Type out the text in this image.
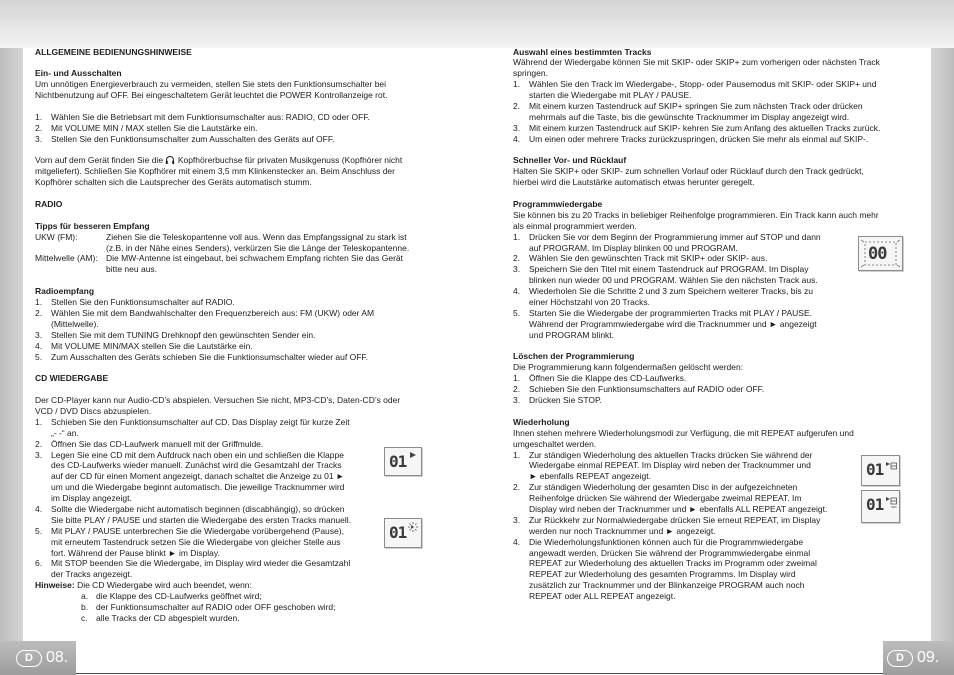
ALLGEMEINE BEDIENUNGSHINWEISE
Ein- und Ausschalten
Um unnötigen Energieverbrauch zu vermeiden, stellen Sie stets den Funktionsumschalter bei
Nichtbenutzung auf OFF. Bei eingeschaltetem Gerät leuchtet die POWER Kontrollanzeige rot.
1.	Wählen Sie die Betriebsart mit dem Funktionsumschalter aus: RADIO, CD oder OFF.
2.	Mit VOLUME MIN / MAX stellen Sie die Lautstärke ein.
3.	Stellen Sie den Funktionsumschalter zum Ausschalten des Geräts auf OFF.
Vorn auf dem Gerät finden Sie die Kopfhörerbuchse für privaten Musikgenuss (Kopfhörer nicht
mitgeliefert). Schließen Sie Kopfhörer mit einem 3,5 mm Klinkenstecker an. Beim Anschluss der
Kopfhörer schalten sich die Lautsprecher des Geräts automatisch stumm.
RADIO
Tipps für besseren Empfang
UKW (FM):	Ziehen Sie die Teleskopantenne voll aus. Wenn das Empfangssignal zu stark ist
(z.B. in der Nähe eines Senders), verkürzen Sie die Länge der Teleskopantenne.
Mittelwelle (AM): Die MW-Antenne ist eingebaut, bei schwachem Empfang richten Sie das Gerät
bitte neu aus.
Radioempfang
1.	Stellen Sie den Funktionsumschalter auf RADIO.
2.	Wählen Sie mit dem Bandwahlschalter den Frequenzbereich aus: FM (UKW) oder AM
(Mittelwelle).
3.	Stellen Sie mit dem TUNING Drehknopf den gewünschten Sender ein.
4.	Mit VOLUME MIN/MAX stellen Sie die Lautstärke ein.
5.	Zum Ausschalten des Geräts schieben Sie die Funktionsumschalter wieder auf OFF.
CD WIEDERGABE
Der CD-Player kann nur Audio-CD’s abspielen. Versuchen Sie nicht, MP3-CD’s, Daten-CD’s oder
VCD / DVD Discs abzuspielen.
1.	Schieben Sie den Funktionsumschalter auf CD. Das Display zeigt für kurze Zeit
„- -“ an.
2.	Öffnen Sie das CD-Laufwerk manuell mit der Griffmulde.
3.	Legen Sie eine CD mit dem Aufdruck nach oben ein und schließen die Klappe
des CD-Laufwerks wieder manuell. Zunächst wird die Gesamtzahl der Tracks
auf der CD für einen Moment angezeigt, danach schaltet die Anzeige zu 01 ►
um und die Wiedergabe beginnt automatisch. Die jeweilige Tracknummer wird
im Display angezeigt.
4.	Sollte die Wiedergabe nicht automatisch beginnen (discabhängig), so drücken
Sie bitte PLAY / PAUSE und starten die Wiedergabe des ersten Tracks manuell.
5.	Mit PLAY / PAUSE unterbrechen Sie die Wiedergabe vorübergehend (Pause),
mit erneutem Tastendruck setzen Sie die Wiedergabe von gleicher Stelle aus
fort. Während der Pause blinkt ► im Display.
6.	Mit STOP beenden Sie die Wiedergabe, im Display wird wieder die Gesamtzahl
der Tracks angezeigt.
Hinweise: Die CD Wiedergabe wird auch beendet, wenn:
a. die Klappe des CD-Laufwerks geöffnet wird;
b. der Funktionsumschalter auf RADIO oder OFF geschoben wird;
c. alle Tracks der CD abgespielt wurden.
01
01
Auswahl eines bestimmten Tracks
Während der Wiedergabe können Sie mit SKIP- oder SKIP+ zum vorherigen oder nächsten Track
springen.
1.	Wählen Sie den Track im Wiedergabe-, Stopp- oder Pausemodus mit SKIP- oder SKIP+ und
starten die Wiedergabe mit PLAY / PAUSE.
2.	Mit einem kurzen Tastendruck auf SKIP+ springen Sie zum nächsten Track oder drücken
mehrmals auf die Taste, bis die gewünschte Tracknummer im Display angezeigt wird.
3.	Mit einem kurzen Tastendruck auf SKIP- kehren Sie zum Anfang des aktuellen Tracks zurück.
4.	Um einen oder mehrere Tracks zurückzuspringen, drücken Sie mehr als einmal auf SKIP-.
Schneller Vor- und Rücklauf
Halten Sie SKIP+ oder SKIP- zum schnellen Vorlauf oder Rücklauf durch den Track gedrückt,
hierbei wird die Lautstärke automatisch etwas herunter geregelt.
Programmwiedergabe
Sie können bis zu 20 Tracks in beliebiger Reihenfolge programmieren. Ein Track kann auch mehr
als einmal programmiert werden.
1.	Drücken Sie vor dem Beginn der Programmierung immer auf STOP und dann
auf PROGRAM. Im Display blinken 00 und PROGRAM.
2.	Wählen Sie den gewünschten Track mit SKIP+ oder SKIP- aus.
3.	Speichern Sie den Titel mit einem Tastendruck auf PROGRAM. Im Display
blinken nun wieder 00 und PROGRAM. Wählen Sie den nächsten Track aus.
4.	Wiederholen Sie die Schritte 2 und 3 zum Speichern weiterer Tracks, bis zu
einer Höchstzahl von 20 Tracks.
5.	Starten Sie die Wiedergabe der programmierten Tracks mit PLAY / PAUSE.
Während der Programmwiedergabe wird die Tracknummer und ► angezeigt
und PROGRAM blinkt.
Löschen der Programmierung
Die Programmierung kann folgendermaßen gelöscht werden:
1.	Öffnen Sie die Klappe des CD-Laufwerks.
2.	Schieben Sie den Funktionsumschalters auf RADIO oder OFF.
3.	Drücken Sie STOP.
Wiederholung
Ihnen stehen mehrere Wiederholungsmodi zur Verfügung, die mit REPEAT aufgerufen und
umgeschaltet werden.
1.	Zur ständigen Wiederholung des aktuellen Tracks drücken Sie während der
Wiedergabe einmal REPEAT. Im Display wird neben der Tracknummer und
► ebenfalls REPEAT angezeigt.
2.	Zur ständigen Wiederholung der gesamten Disc in der aufgezeichneten
Reihenfolge drücken Sie während der Wiedergabe zweimal REPEAT. Im
Display wird neben der Tracknummer und ► ebenfalls ALL REPEAT angezeigt.
3.	Zur Rückkehr zur Normalwiedergabe drücken Sie erneut REPEAT, im Display
werden nur noch Tracknummer und ► angezeigt.
4.	Die Wiederholungsfunktionen können auch für die Programmwiedergabe
angewadt werden. Drücken Sie während der Programmwiedergabe einmal
REPEAT zur Wiederholung des aktuellen Tracks im Programm oder zweimal
REPEAT zur Wiederholung des gesamten Programms. Im Display wird
zusätzlich zur Tracknummer und der Blinkanzeige PROGRAM auch noch
REPEAT oder ALL REPEAT angezeigt.
00
01
01
D 08.	D 09.
